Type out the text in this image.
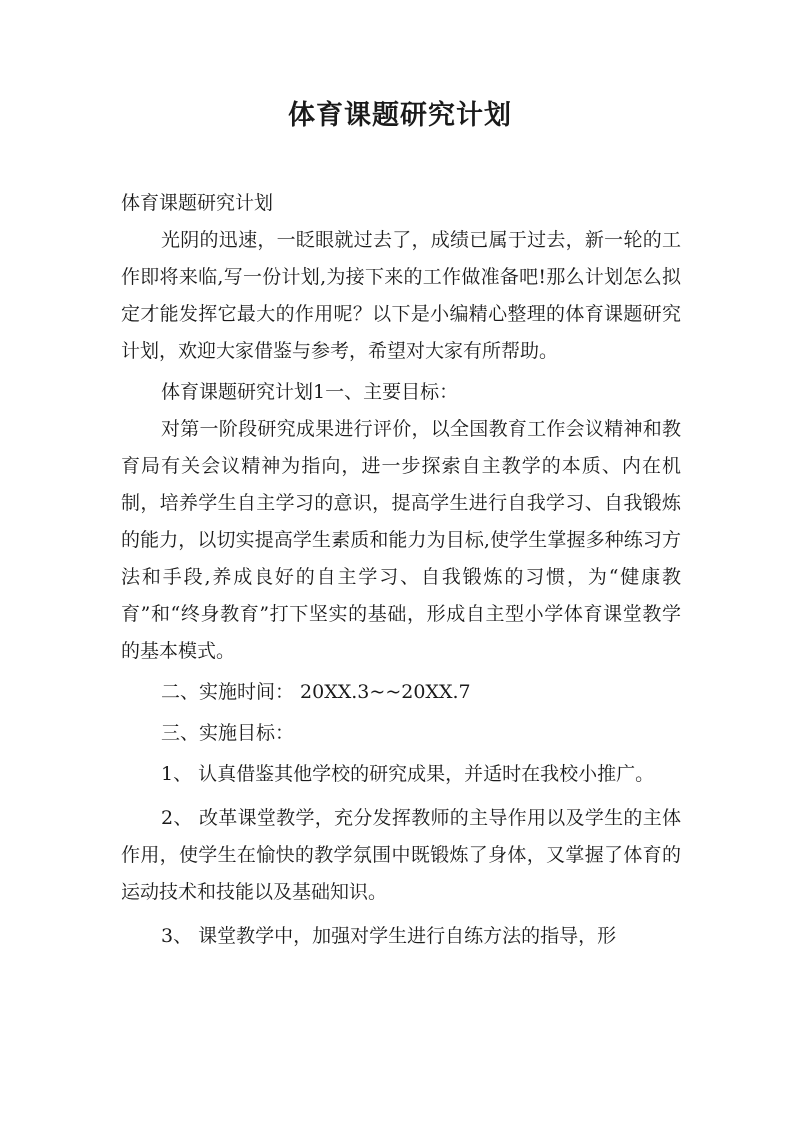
体育课题研究计划

体育课题研究计划

光阴的迅速，一眨眼就过去了，成绩已属于过去，新一轮的工作即将来临,写一份计划,为接下来的工作做准备吧!那么计划怎么拟定才能发挥它最大的作用呢？以下是小编精心整理的体育课题研究计划，欢迎大家借鉴与参考，希望对大家有所帮助。

体育课题研究计划1一、主要目标：

对第一阶段研究成果进行评价，以全国教育工作会议精神和教育局有关会议精神为指向，进一步探索自主教学的本质、内在机制，培养学生自主学习的意识，提高学生进行自我学习、自我锻炼的能力，以切实提高学生素质和能力为目标,使学生掌握多种练习方法和手段,养成良好的自主学习、自我锻炼的习惯，为“健康教育”和“终身教育”打下坚实的基础，形成自主型小学体育课堂教学的基本模式。

二、实施时间： 20XX.3~~20XX.7

三、实施目标：

1、 认真借鉴其他学校的研究成果，并适时在我校小推广。

2、 改革课堂教学，充分发挥教师的主导作用以及学生的主体作用，使学生在愉快的教学氛围中既锻炼了身体，又掌握了体育的运动技术和技能以及基础知识。

3、 课堂教学中，加强对学生进行自练方法的指导，形
